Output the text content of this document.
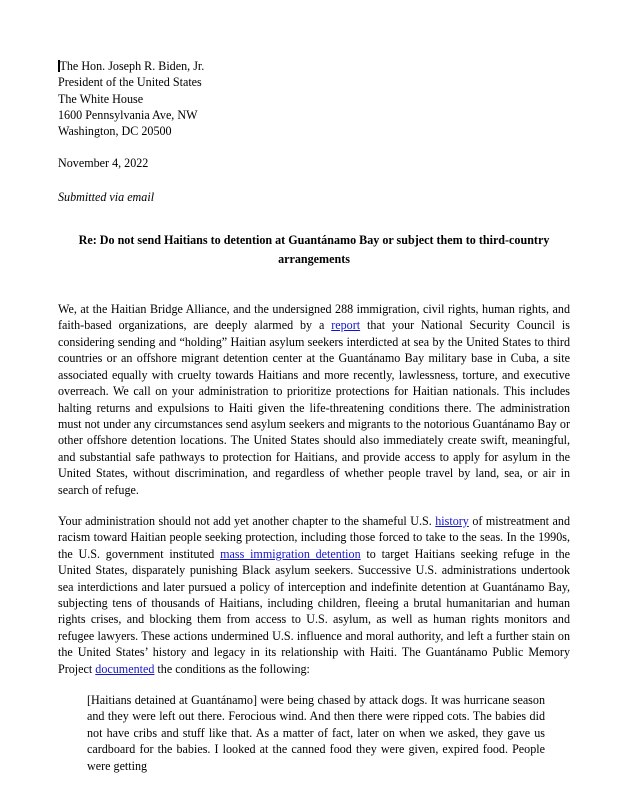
The Hon. Joseph R. Biden, Jr.
President of the United States
The White House
1600 Pennsylvania Ave, NW
Washington, DC 20500
November 4, 2022
Submitted via email
Re: Do not send Haitians to detention at Guantánamo Bay or subject them to third-country arrangements

We, at the Haitian Bridge Alliance, and the undersigned 288 immigration, civil rights, human rights, and faith-based organizations, are deeply alarmed by a report that your National Security Council is considering sending and “holding” Haitian asylum seekers interdicted at sea by the United States to third countries or an offshore migrant detention center at the Guantánamo Bay military base in Cuba, a site associated equally with cruelty towards Haitians and more recently, lawlessness, torture, and executive overreach. We call on your administration to prioritize protections for Haitian nationals. This includes halting returns and expulsions to Haiti given the life-threatening conditions there. The administration must not under any circumstances send asylum seekers and migrants to the notorious Guantánamo Bay or other offshore detention locations. The United States should also immediately create swift, meaningful, and substantial safe pathways to protection for Haitians, and provide access to apply for asylum in the United States, without discrimination, and regardless of whether people travel by land, sea, or air in search of refuge.

Your administration should not add yet another chapter to the shameful U.S. history of mistreatment and racism toward Haitian people seeking protection, including those forced to take to the seas. In the 1990s, the U.S. government instituted mass immigration detention to target Haitians seeking refuge in the United States, disparately punishing Black asylum seekers. Successive U.S. administrations undertook sea interdictions and later pursued a policy of interception and indefinite detention at Guantánamo Bay, subjecting tens of thousands of Haitians, including children, fleeing a brutal humanitarian and human rights crises, and blocking them from access to U.S. asylum, as well as human rights monitors and refugee lawyers. These actions undermined U.S. influence and moral authority, and left a further stain on the United States’ history and legacy in its relationship with Haiti. The Guantánamo Public Memory Project documented the conditions as the following:

[Haitians detained at Guantánamo] were being chased by attack dogs. It was hurricane season and they were left out there. Ferocious wind. And then there were ripped cots. The babies did not have cribs and stuff like that. As a matter of fact, later on when we asked, they gave us cardboard for the babies. I looked at the canned food they were given, expired food. People were getting
